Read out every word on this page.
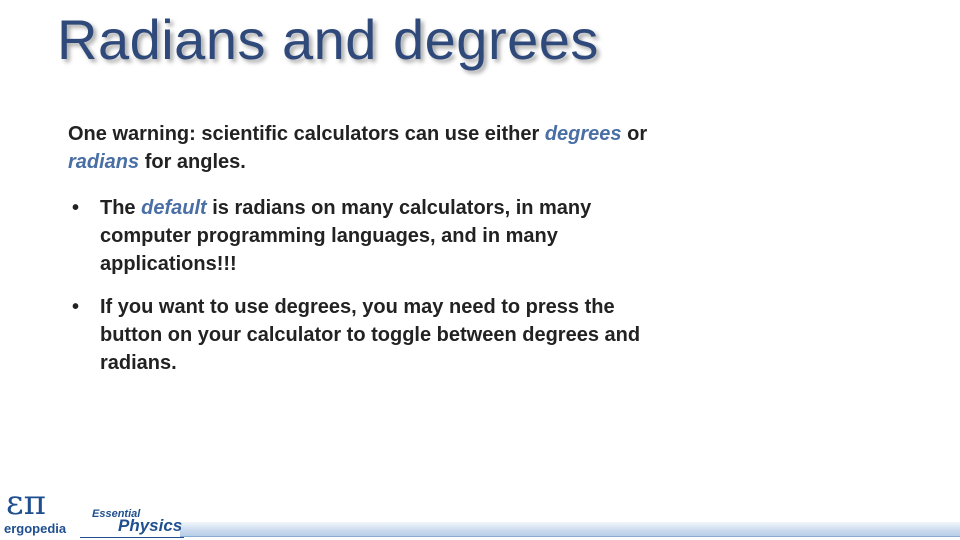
Radians and degrees

One warning: scientific calculators can use either degrees or radians for angles.

• The default is radians on many calculators, in many computer programming languages, and in many applications!!!
• If you want to use degrees, you may need to press the button on your calculator to toggle between degrees and radians.
επ
ergopedia
Essential
Physics
